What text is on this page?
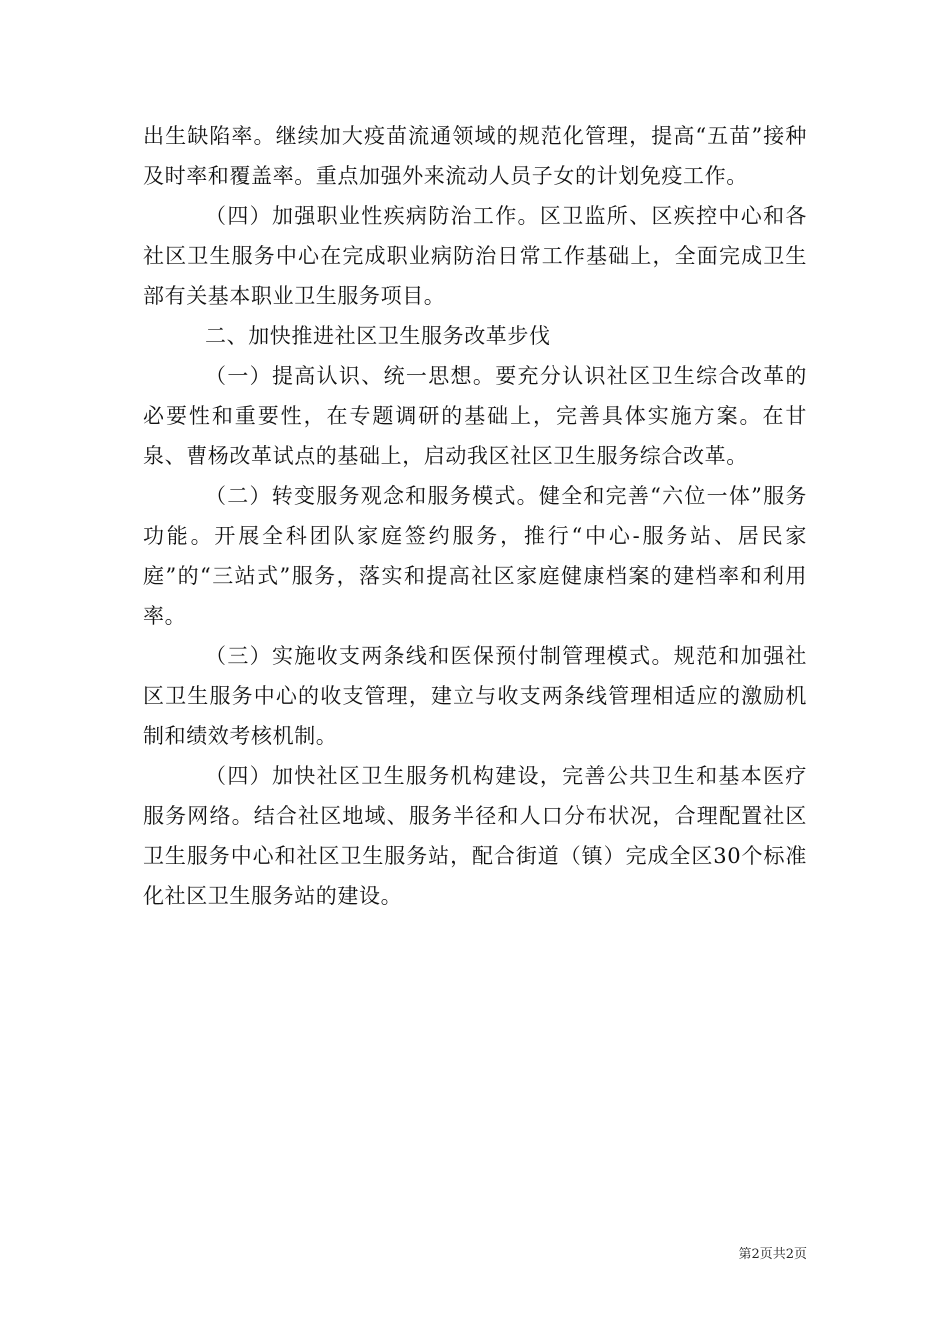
出生缺陷率。继续加大疫苗流通领域的规范化管理，提高“五苗”接种及时率和覆盖率。重点加强外来流动人员子女的计划免疫工作。

（四）加强职业性疾病防治工作。区卫监所、区疾控中心和各社区卫生服务中心在完成职业病防治日常工作基础上，全面完成卫生部有关基本职业卫生服务项目。

二、加快推进社区卫生服务改革步伐

（一）提高认识、统一思想。要充分认识社区卫生综合改革的必要性和重要性，在专题调研的基础上，完善具体实施方案。在甘泉、曹杨改革试点的基础上，启动我区社区卫生服务综合改革。

（二）转变服务观念和服务模式。健全和完善“六位一体”服务功能。开展全科团队家庭签约服务，推行“中心-服务站、居民家庭”的“三站式”服务，落实和提高社区家庭健康档案的建档率和利用率。

（三）实施收支两条线和医保预付制管理模式。规范和加强社区卫生服务中心的收支管理，建立与收支两条线管理相适应的激励机制和绩效考核机制。

（四）加快社区卫生服务机构建设，完善公共卫生和基本医疗服务网络。结合社区地域、服务半径和人口分布状况，合理配置社区卫生服务中心和社区卫生服务站，配合街道（镇）完成全区30个标准化社区卫生服务站的建设。

第2页共2页
